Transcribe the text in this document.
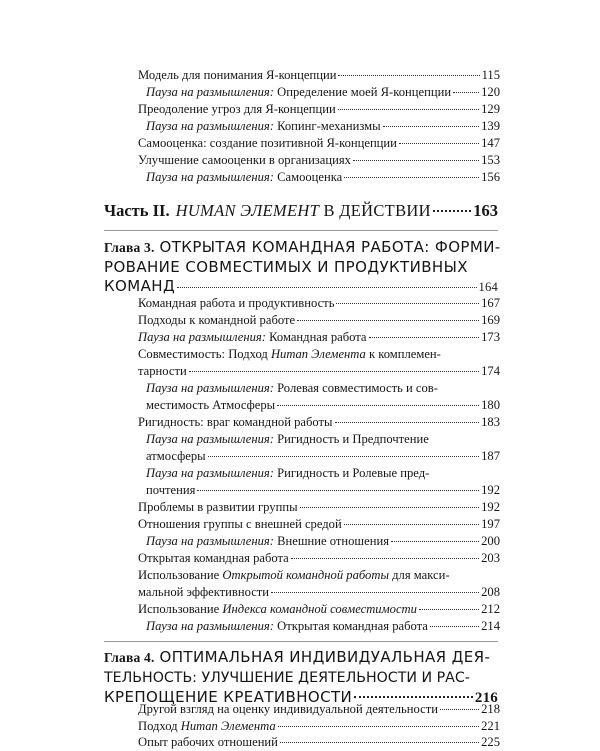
Модель для понимания Я-концепции	115
Пауза на размышления: Определение моей Я-концепции 120
Преодоление угроз для Я-концепции	129
Пауза на размышления: Копинг-механизмы	139
Самооценка: создание позитивной Я-концепции	147
Улучшение самооценки в организациях	153
Пауза на размышления: Самооценка	156
Часть II. HUMAN ЭЛЕМЕНТ В ДЕЙСТВИИ	163
Глава 3. ОТКРЫТАЯ КОМАНДНАЯ РАБОТА: ФОРМИ-
РОВАНИЕ СОВМЕСТИМЫХ И ПРОДУКТИВНЫХ
КОМАНД	164
Командная работа и продуктивность	167
Подходы к командной работе	169
Пауза на размышления: Командная работа	173
Совместимость: Подход Human Элемента к комплемен-
тарности	174
Пауза на размышления: Ролевая совместимость и сов-
местимость Атмосферы	180
Ригидность: враг командной работы	183
Пауза на размышления: Ригидность и Предпочтение
атмосферы	187
Пауза на размышления: Ригидность и Ролевые пред-
почтения	192
Проблемы в развитии группы	192
Отношения группы с внешней средой	197
Пауза на размышления: Внешние отношения	200
Открытая командная работа	203
Использование Открытой командной работы для макси-
мальной эффективности	208
Использование Индекса командной совместимости	212
Пауза на размышления: Открытая командная работа	214
Глава 4. ОПТИМАЛЬНАЯ ИНДИВИДУАЛЬНАЯ ДЕЯ-
ТЕЛЬНОСТЬ: УЛУЧШЕНИЕ ДЕЯТЕЛЬНОСТИ И РАС-
КРЕПОЩЕНИЕ КРЕАТИВНОСТИ	216
Другой взгляд на оценку индивидуальной деятельности	218
Подход Human Элемента	221
Опыт рабочих отношений	225
